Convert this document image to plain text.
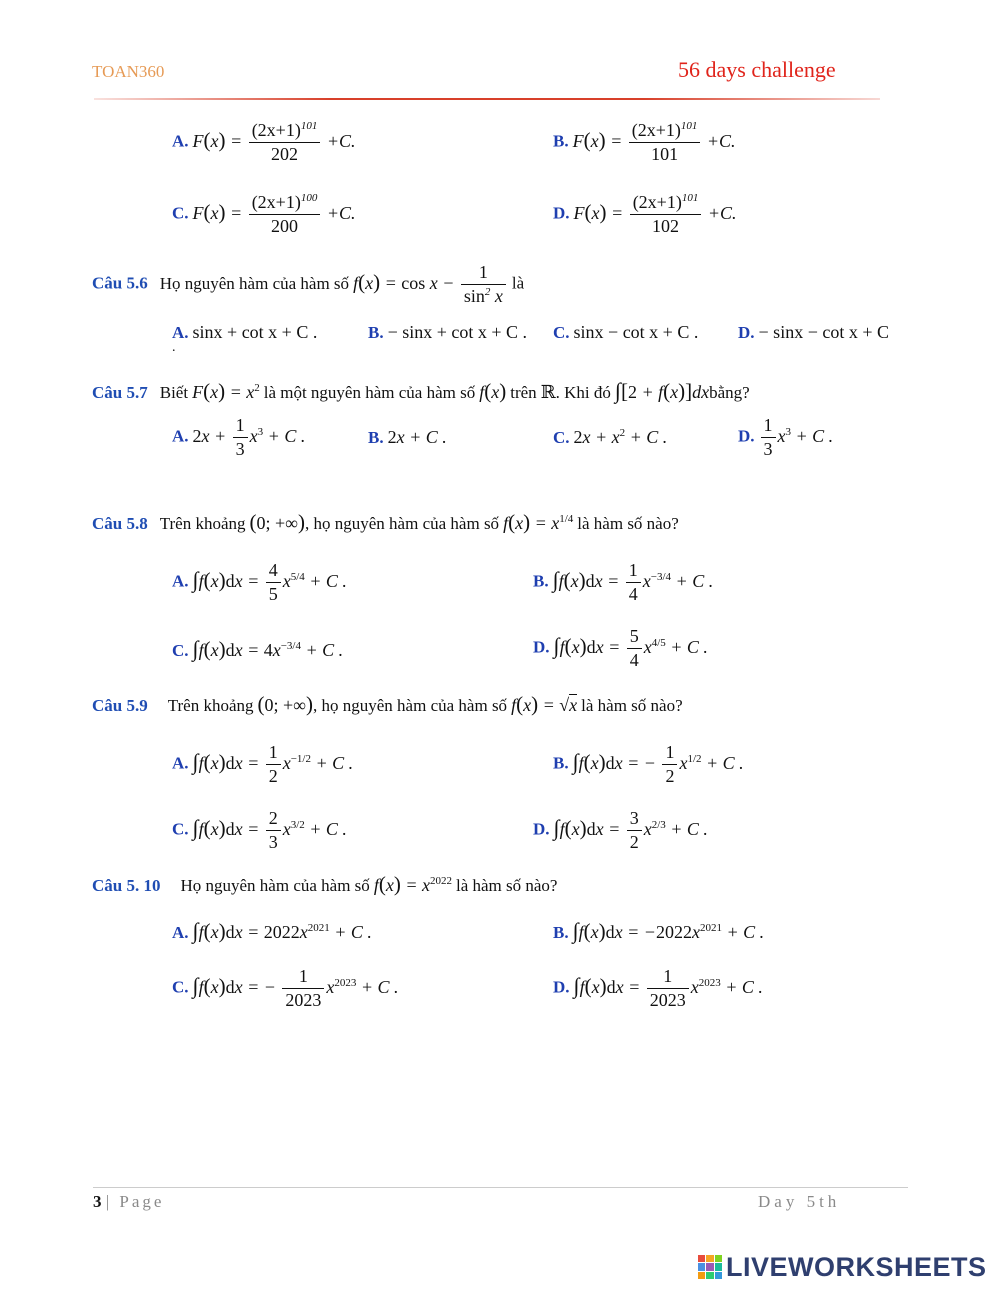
TOAN360	56 days challenge
A. $F(x) = \frac{(2x+1)^{101}}{202} +C$.	B. $F(x) = \frac{(2x+1)^{101}}{101} +C$.
C. $F(x) = \frac{(2x+1)^{100}}{200} +C$.	D. $F(x) = \frac{(2x+1)^{101}}{102} +C$.
Câu 5.6 Họ nguyên hàm của hàm số $f(x) = \cos x - \frac{1}{\sin^2 x}$ là
A. sinx + cot x + C .
.
B. − sinx + cot x + C . C. sinx − cot x + C . D. − sinx − cot x + C
Câu 5.7 Biết $F(x) = x^2$ là một nguyên hàm của hàm số f(x) trên ℝ. Khi đó ∫[2 + f(x)]dxbằng?
A. $2x + \frac{1}{3} x^3 + C$ .	B. 2x + C .	C. $2x + x^2 + C$ .	D. $\frac{1}{3} x^3 + C$ .
Câu 5.8 Trên khoảng (0; +∞), họ nguyên hàm của hàm số $f(x) = x^{1/4}$ là hàm số nào?
A. $\int f(x)dx = \frac{4}{5} x^{5/4} + C$ .	B. $\int f(x)dx = \frac{1}{4} x^{-3/4} + C$ .
C. $\int f(x)dx = 4x^{-3/4} + C$ .	D. $\int f(x)dx = \frac{5}{4} x^{4/5} + C$ .
Câu 5.9 Trên khoảng (0; +∞), họ nguyên hàm của hàm số f(x) = √x là hàm số nào?
A. $\int f(x)dx = \frac{1}{2} x^{-1/2} + C$ .	B. ∫f(x)dx = − $\frac{1}{2} x^{1/2} + C$ .
C. $\int f(x)dx = \frac{2}{3} x^{3/2} + C$ .	D. $\int f(x)dx = \frac{3}{2} x^{2/3} + C$ .
Câu 5. 10 Họ nguyên hàm của hàm số $f(x) = x^{2022}$ là hàm số nào?
A. $\int f(x)dx = 2022x^{2021} + C$ .	B. $\int f(x)dx = -2022x^{2021} + C$ .
C. ∫f(x)dx = − $\frac{1}{2023} x^{2023} + C$ .	D. $\int f(x)dx = \frac{1}{2023} x^{2023} + C$ .
3 | Page	Day 5th
LIVEWORKSHEETS
